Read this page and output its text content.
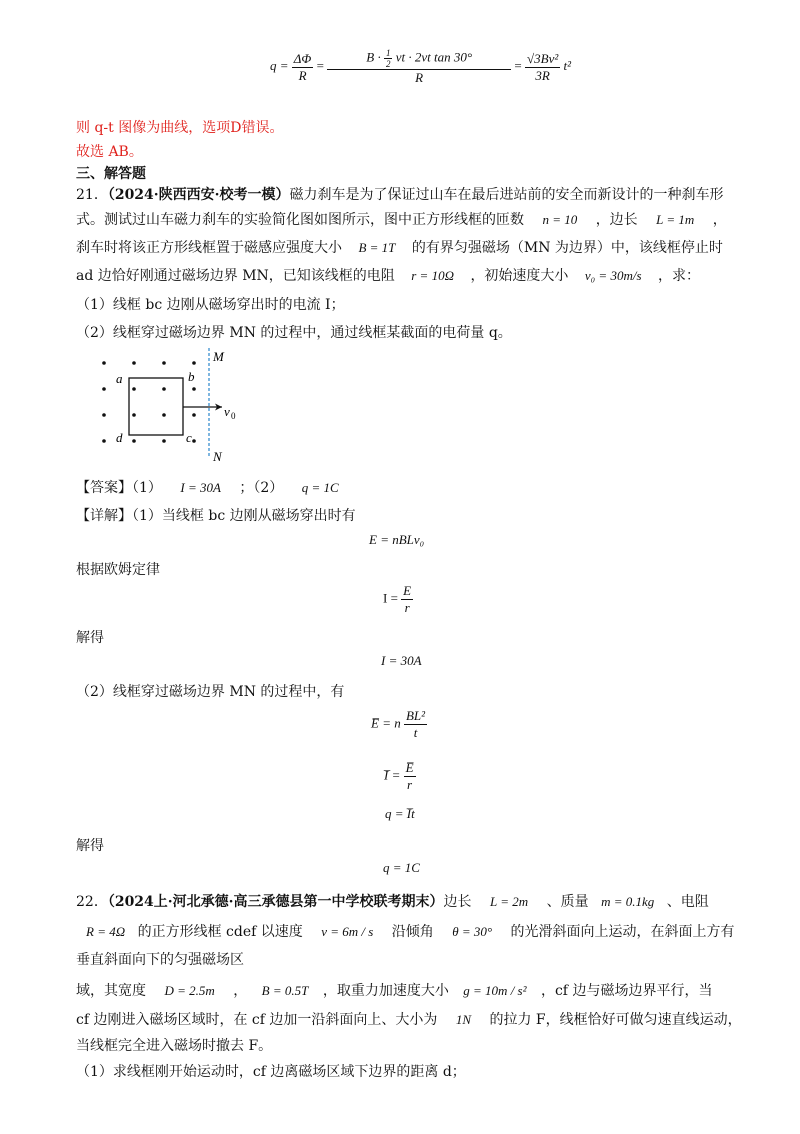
$q = \frac{\Delta\Phi}{R} = \frac{B \cdot \frac{1}{2} vt \cdot 2vt \tan 30^\circ}{R} = \frac{\text{√3Bv²}}{3R} t^2$
则 q-t 图像为曲线，选项D错误。
故选 AB。
三、解答题
21．（2024·陕西西安·校考一模）磁力刹车是为了保证过山车在最后进站前的安全而新设计的一种刹车形
式。测试过山车磁力刹车的实验简化图如图所示，图中正方形线框的匝数 n = 10 ，边长 L = 1m ，
刹车时将该正方形线框置于磁感应强度大小 B = 1T 的有界匀强磁场（MN 为边界）中，该线框停止时
ad 边恰好刚通过磁场边界 MN，已知该线框的电阻 r = 10Ω ，初始速度大小 v₀ = 30m/s ，求：
（1）线框 bc 边刚从磁场穿出时的电流 I；
（2）线框穿过磁场边界 MN 的过程中，通过线框某截面的电荷量 q。
M
N
a	b
c
d
v 0
【答案】（1） I = 30A ；（2） q = 1C
【详解】（1）当线框 bc 边刚从磁场穿出时有
E = nBLv₀
根据欧姆定律
$I = \frac{E}{r}$
解得
I = 30A
（2）线框穿过磁场边界 MN 的过程中，有
E̅ = n $\frac{\text{BL²}}{t}$
I̅ = $\frac{E̅}{r}$
q = I̅t
解得
q = 1C
22．（2024上·河北承德·高三承德县第一中学校联考期末）边长 L = 2m 、质量 m = 0.1kg 、电阻
R = 4Ω 的正方形线框 cdef 以速度 v = 6m / s 沿倾角 θ = 30° 的光滑斜面向上运动，在斜面上方有
垂直斜面向下的匀强磁场区
域，其宽度 D = 2.5m ， B = 0.5T ，取重力加速度大小 g = 10m / s² ，cf 边与磁场边界平行，当
cf 边刚进入磁场区域时，在 cf 边加一沿斜面向上、大小为 1N 的拉力 F，线框恰好可做匀速直线运动，
当线框完全进入磁场时撤去 F。
（1）求线框刚开始运动时，cf 边离磁场区域下边界的距离 d；
